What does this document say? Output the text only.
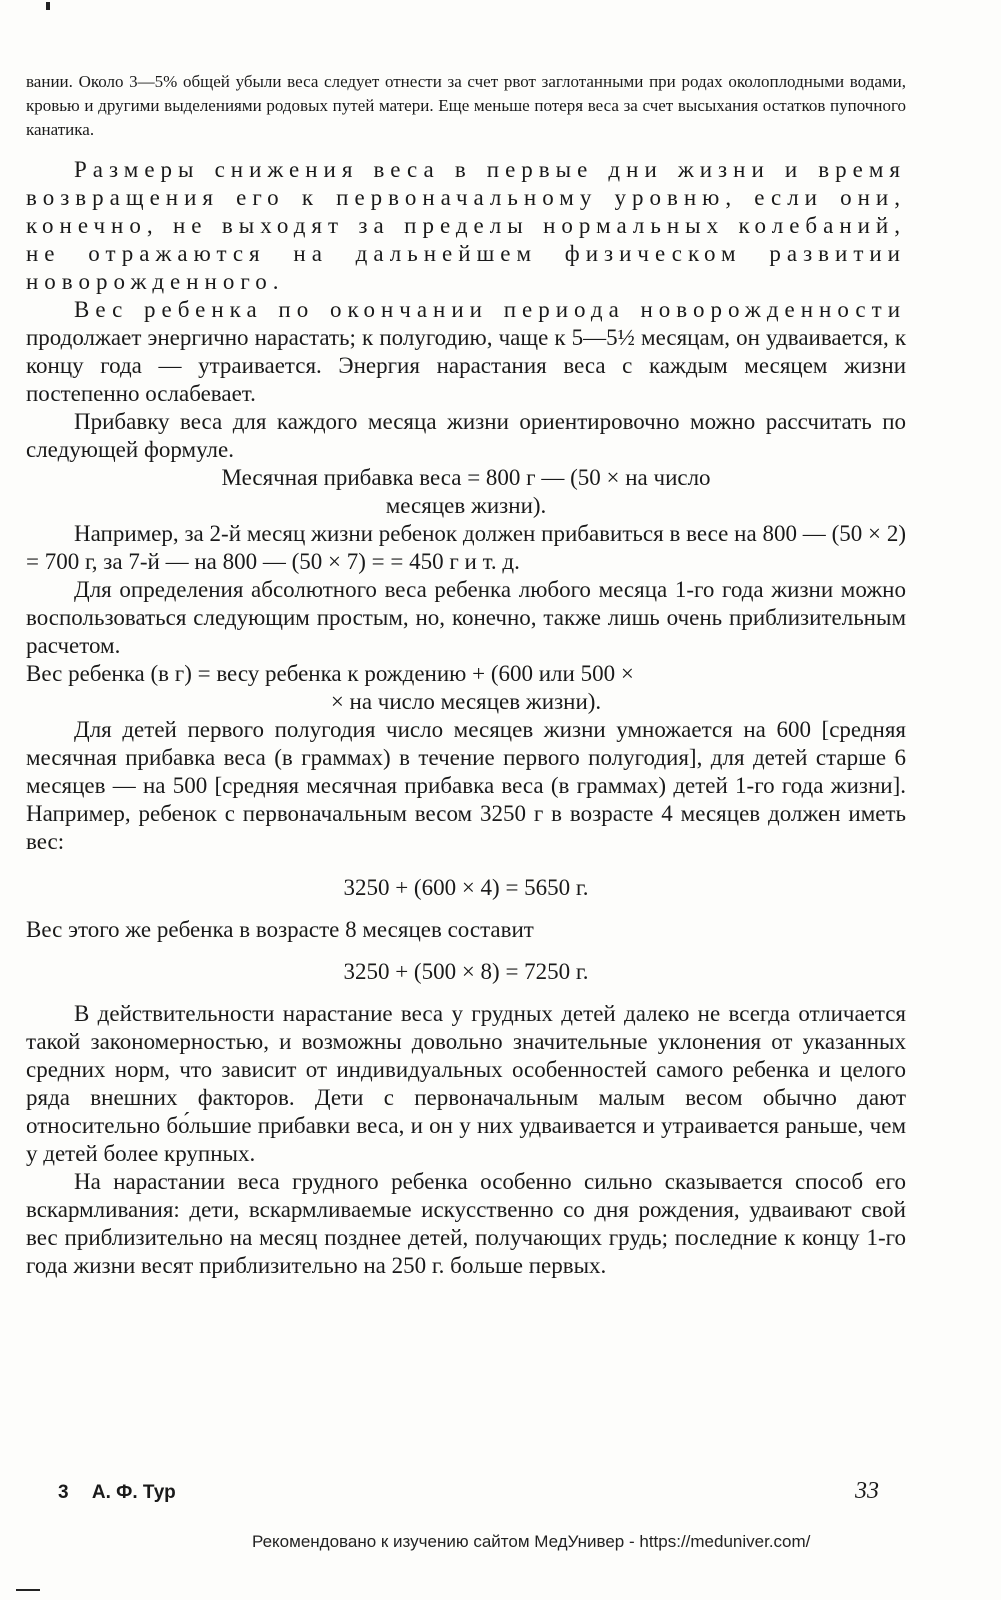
вании. Около 3—5% общей убыли веса следует отнести за счет рвот заглотанными при родах околоплодными водами, кровью и другими выделениями родовых путей матери. Еще меньше потеря веса за счет высыхания остатков пупочного канатика.

Размеры снижения веса в первые дни жизни и время возвращения его к первоначальному уровню, если они, конечно, не выходят за пределы нормальных колебаний, не отражаются на дальнейшем физическом развитии новорожденного.

Вес ребенка по окончании периода новорожденности продолжает энергично нарастать; к полугодию, чаще к 5—5½ месяцам, он удваивается, к концу года — утраивается. Энергия нарастания веса с каждым месяцем жизни постепенно ослабевает.

Прибавку веса для каждого месяца жизни ориентировочно можно рассчитать по следующей формуле.

Месячная прибавка веса = 800 г — (50 × на число

месяцев жизни).

Например, за 2-й месяц жизни ребенок должен прибавиться в весе на 800 — (50 × 2) = 700 г, за 7-й — на 800 — (50 × 7) = = 450 г и т. д.

Для определения абсолютного веса ребенка любого месяца 1-го года жизни можно воспользоваться следующим простым, но, конечно, также лишь очень приблизительным расчетом.

Вес ребенка (в г) = весу ребенка к рождению + (600 или 500 ×

× на число месяцев жизни).

Для детей первого полугодия число месяцев жизни умножается на 600 [средняя месячная прибавка веса (в граммах) в течение первого полугодия], для детей старше 6 месяцев — на 500 [средняя месячная прибавка веса (в граммах) детей 1-го года жизни]. Например, ребенок с первоначальным весом 3250 г в возрасте 4 месяцев должен иметь вес:

3250 + (600 × 4) = 5650 г.

Вес этого же ребенка в возрасте 8 месяцев составит

3250 + (500 × 8) = 7250 г.

В действительности нарастание веса у грудных детей далеко не всегда отличается такой закономерностью, и возможны довольно значительные уклонения от указанных средних норм, что зависит от индивидуальных особенностей самого ребенка и целого ряда внешних факторов. Дети с первоначальным малым весом обычно дают относительно бо́льшие прибавки веса, и он у них удваивается и утраивается раньше, чем у детей более крупных.

На нарастании веса грудного ребенка особенно сильно сказывается способ его вскармливания: дети, вскармливаемые искусственно со дня рождения, удваивают свой вес приблизительно на месяц позднее детей, получающих грудь; последние к концу 1-го года жизни весят приблизительно на 250 г. больше первых.

3 А. Ф. Тур	33
Рекомендовано к изучению сайтом МедУнивер - https://meduniver.com/
